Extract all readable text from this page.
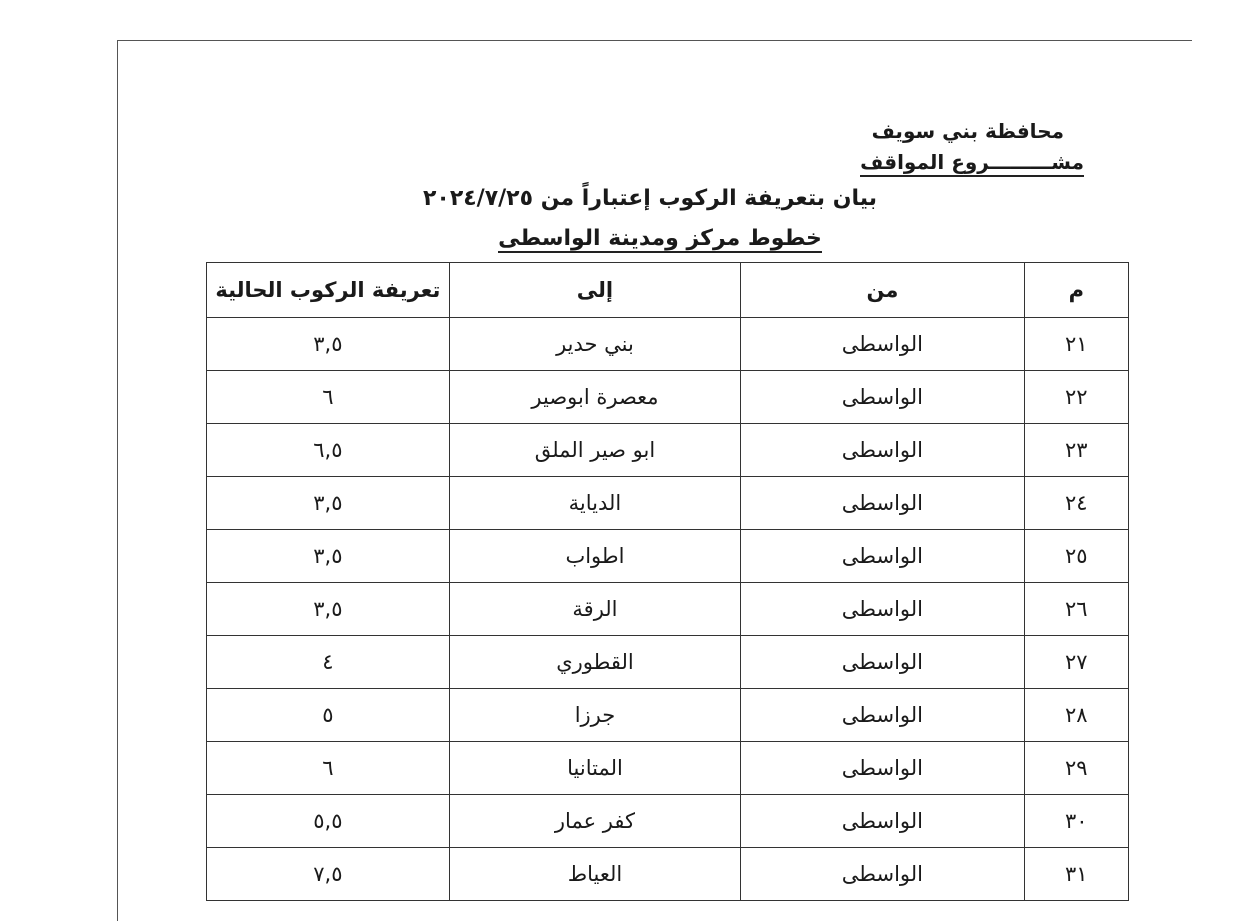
محافظة بني سويف
مشـــــــــروع المواقف
بيان بتعريفة الركوب إعتباراً من ٢٠٢٤/٧/٢٥
خطوط مركز ومدينة الواسطى
م	من	إلى	تعريفة الركوب الحالية
٢١	الواسطى	بني حدير	٣,٥
٢٢	الواسطى	معصرة ابوصير	٦
٢٣	الواسطى	ابو صير الملق	٦,٥
٢٤	الواسطى	الدياية	٣,٥
٢٥	الواسطى	اطواب	٣,٥
٢٦	الواسطى	الرقة	٣,٥
٢٧	الواسطى	القطوري	٤
٢٨	الواسطى	جرزا	٥
٢٩	الواسطى	المتانيا	٦
٣٠	الواسطى	كفر عمار	٥,٥
٣١	الواسطى	العياط	٧,٥
